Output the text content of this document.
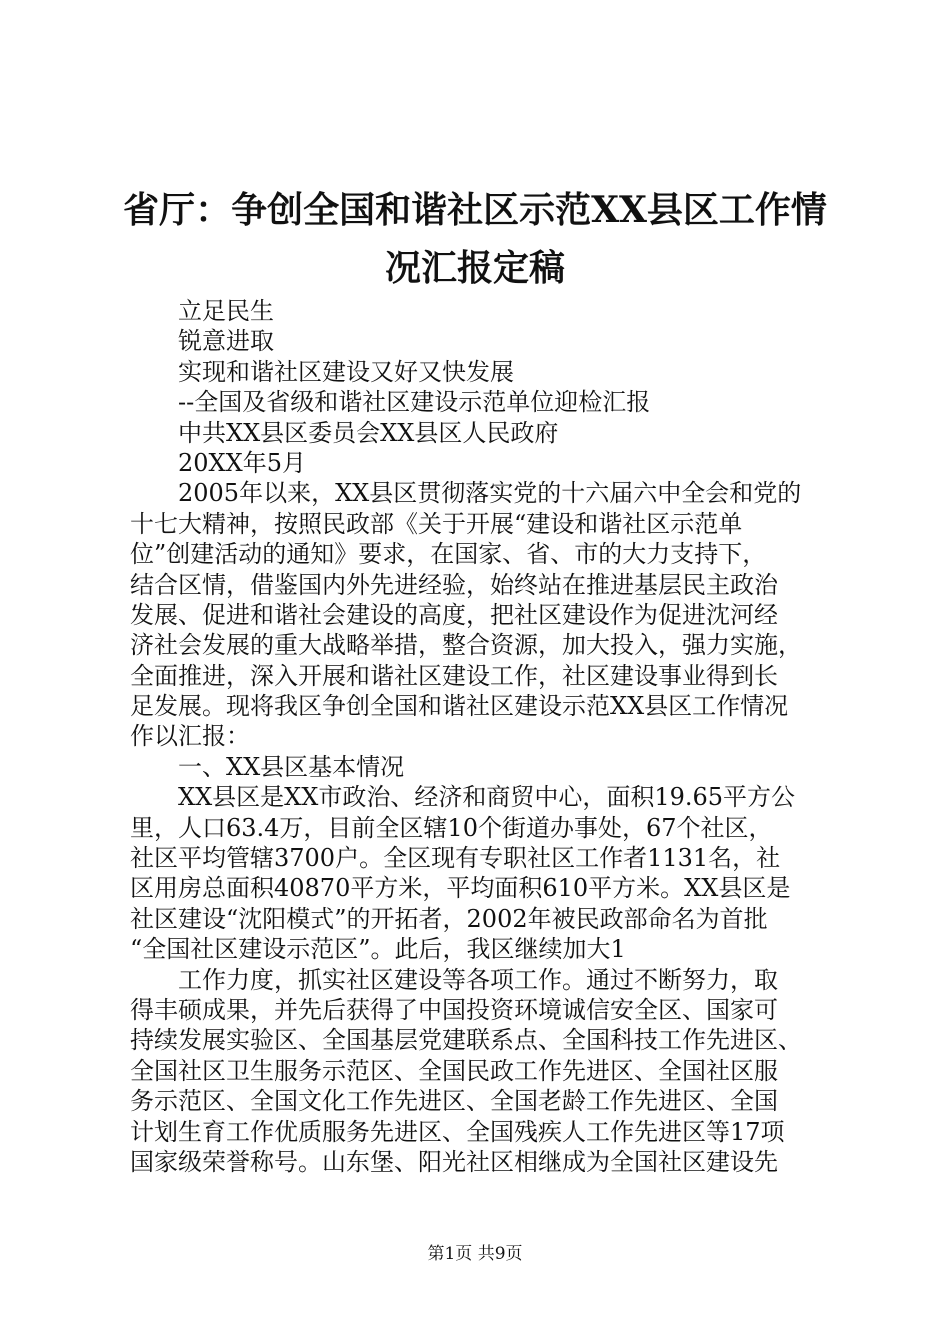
省厅：争创全国和谐社区示范XX县区工作情
况汇报定稿
立足民生
锐意进取
实现和谐社区建设又好又快发展
--全国及省级和谐社区建设示范单位迎检汇报
中共XX县区委员会XX县区人民政府
20XX年5月
2005年以来，XX县区贯彻落实党的十六届六中全会和党的
十七大精神，按照民政部《关于开展“建设和谐社区示范单
位”创建活动的通知》要求，在国家、省、市的大力支持下，
结合区情，借鉴国内外先进经验，始终站在推进基层民主政治
发展、促进和谐社会建设的高度，把社区建设作为促进沈河经
济社会发展的重大战略举措，整合资源，加大投入，强力实施，
全面推进，深入开展和谐社区建设工作，社区建设事业得到长
足发展。现将我区争创全国和谐社区建设示范XX县区工作情况
作以汇报：
一、XX县区基本情况
XX县区是XX市政治、经济和商贸中心，面积19.65平方公
里，人口63.4万，目前全区辖10个街道办事处，67个社区，
社区平均管辖3700户。全区现有专职社区工作者1131名，社
区用房总面积40870平方米，平均面积610平方米。XX县区是
社区建设“沈阳模式”的开拓者，2002年被民政部命名为首批
“全国社区建设示范区”。此后，我区继续加大1
工作力度，抓实社区建设等各项工作。通过不断努力，取
得丰硕成果，并先后获得了中国投资环境诚信安全区、国家可
持续发展实验区、全国基层党建联系点、全国科技工作先进区、
全国社区卫生服务示范区、全国民政工作先进区、全国社区服
务示范区、全国文化工作先进区、全国老龄工作先进区、全国
计划生育工作优质服务先进区、全国残疾人工作先进区等17项
国家级荣誉称号。山东堡、阳光社区相继成为全国社区建设先
第1页 共9页
